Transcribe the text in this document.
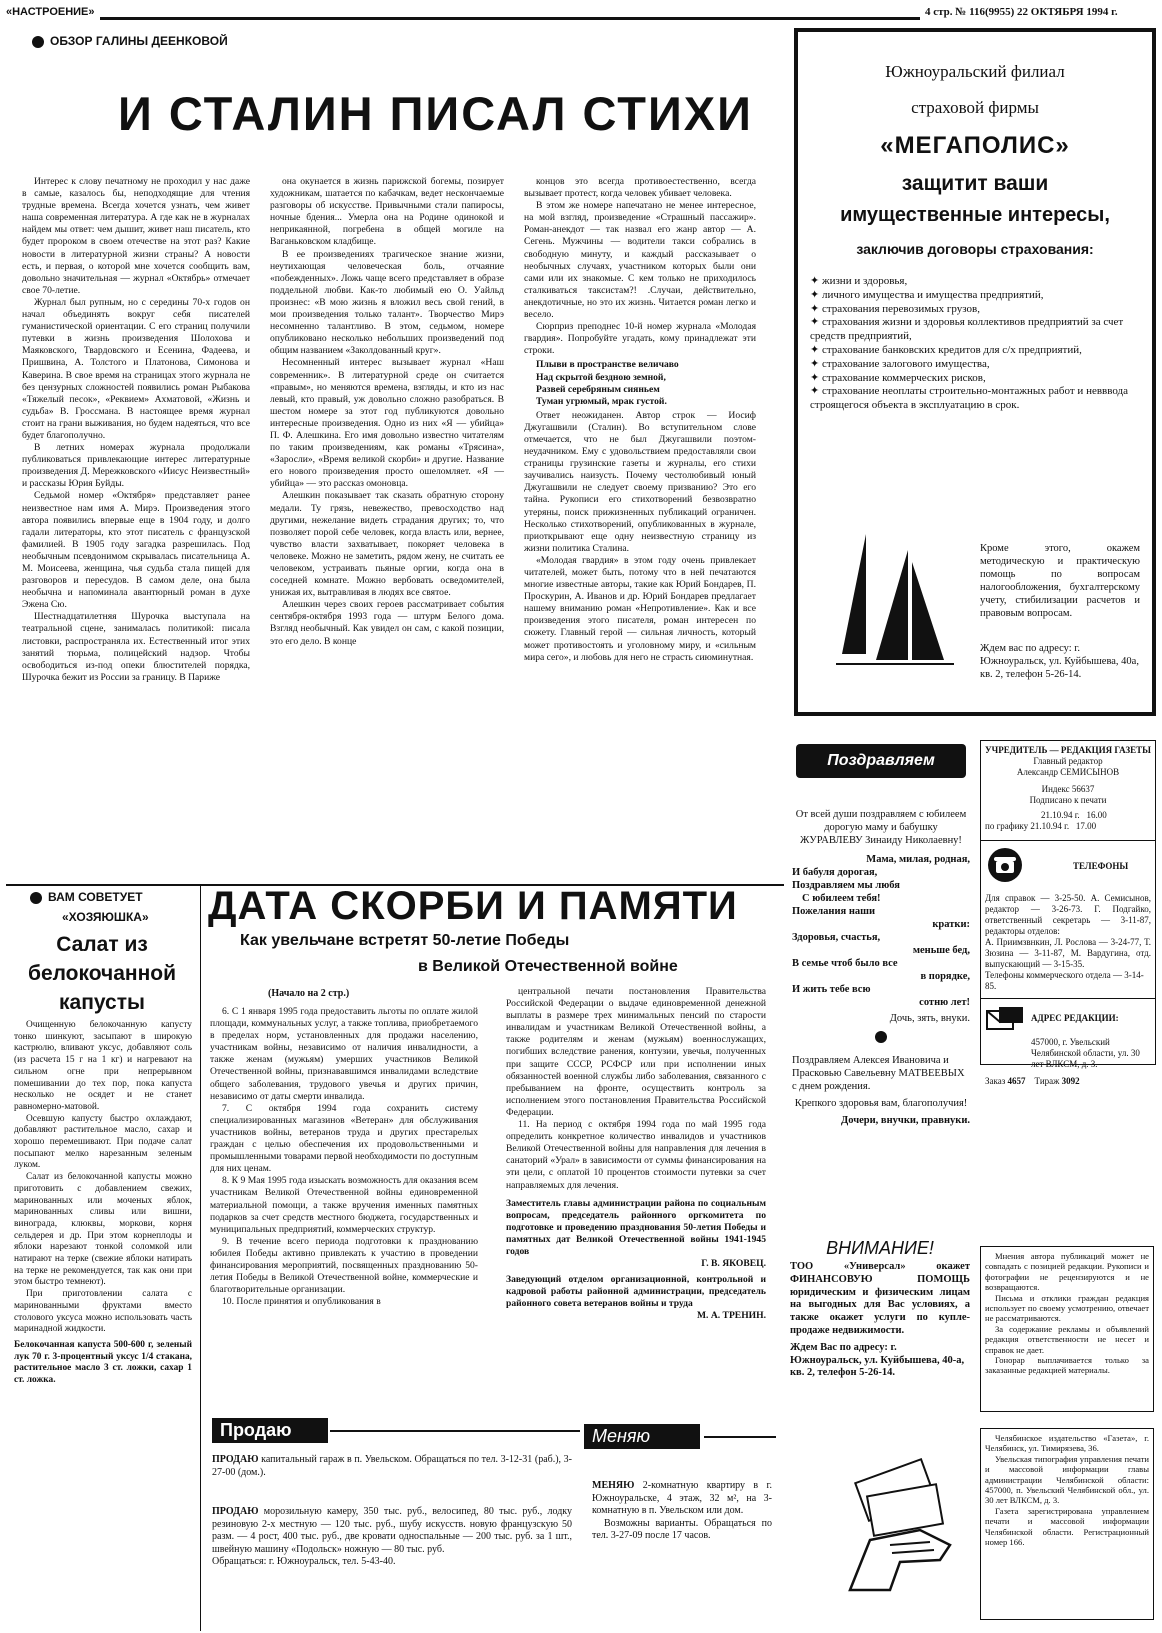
«НАСТРОЕНИЕ»	4 стр. № 116(9955) 22 ОКТЯБРЯ 1994 г.
ОБЗОР ГАЛИНЫ ДЕЕНКОВОЙ
И СТАЛИН ПИСАЛ СТИХИ

Интерес к слову печатному не проходил у нас даже в самые, казалось бы, неподходящие для чтения трудные времена. Всегда хочется узнать, чем живет наша современная литература. А где как не в журналах найдем мы ответ: чем дышит, живет наш писатель, кто будет пророком в своем отечестве на этот раз? Какие новости в литературной жизни страны? А новости есть, и первая, о которой мне хочется сообщить вам, довольно значительная — журнал «Октябрь» отмечает свое 70-летие.

Журнал был рупным, но с середины 70-х годов он начал объединять вокруг себя писателей гуманистической ориентации. С его страниц получили путевки в жизнь произведения Шолохова и Маяковского, Твардовского и Есенина, Фадеева, и Пришвина, А. Толстого и Платонова, Симонова и Каверина. В свое время на страницах этого журнала не без цензурных сложностей появились роман Рыбакова «Тяжелый песок», «Реквием» Ахматовой, «Жизнь и судьба» В. Гроссмана. В настоящее время журнал стоит на грани выживания, но будем надеяться, что все будет благополучно.

В летних номерах журнала продолжали публиковаться привлекающие интерес литературные произведения Д. Мережковского «Иисус Неизвестный» и рассказы Юрия Буйды.

Седьмой номер «Октября» представляет ранее неизвестное нам имя А. Мирэ. Произведения этого автора появились впервые еще в 1904 году, и долго гадали литераторы, кто этот писатель с французской фамилией. В 1905 году загадка разрешилась. Под необычным псевдонимом скрывалась писательница А. М. Моисеева, женщина, чья судьба стала пищей для разговоров и пересудов. В самом деле, она была необычна и напоминала авантюрный роман в духе Эжена Сю.

Шестнадцатилетняя Шурочка выступала на театральной сцене, занималась политикой: писала листовки, распространяла их. Естественный итог этих занятий тюрьма, полицейский надзор. Чтобы освободиться из-под опеки блюстителей порядка, Шурочка бежит из России за границу. В Париже

она окунается в жизнь парижской богемы, позирует художникам, шатается по кабачкам, ведет нескончаемые разговоры об искусстве. Привычными стали папиросы, ночные бдения... Умерла она на Родине одинокой и неприкаянной, погребена в общей могиле на Ваганьковском кладбище.

В ее произведениях трагическое знание жизни, неутихающая человеческая боль, отчаяние «побежденных». Ложь чаще всего представляет в образе поддельной любви. Как-то любимый ею О. Уайльд произнес: «В мою жизнь я вложил весь свой гений, в мои произведения только талант». Творчество Мирэ несомненно талантливо. В этом, седьмом, номере опубликовано несколько небольших произведений под общим названием «Заколдованный круг».

Несомненный интерес вызывает журнал «Наш современник». В литературной среде он считается «правым», но меняются времена, взгляды, и кто из нас левый, кто правый, уж довольно сложно разобраться. В шестом номере за этот год публикуются довольно интересные произведения. Одно из них «Я — убийца» П. Ф. Алешкина. Его имя довольно известно читателям по таким произведениям, как романы «Трясина», «Заросли», «Время великой скорби» и другие. Название его нового произведения просто ошеломляет. «Я — убийца» — это рассказ омоновца.

Алешкин показывает так сказать обратную сторону медали. Ту грязь, невежество, превосходство над другими, нежелание видеть страдания других; то, что позволяет порой себе человек, когда власть или, вернее, чувство власти захватывает, покоряет человека в человеке. Можно не заметить, рядом жену, не считать ее человеком, устраивать пьяные оргии, когда она в соседней комнате. Можно вербовать осведомителей, унижая их, вытравливая в людях все святое.

Алешкин через своих героев рассматривает события сентября-октября 1993 года — штурм Белого дома. Взгляд необычный. Как увидел он сам, с какой позиции, это его дело. В конце

концов это всегда противоестественно, всегда вызывает протест, когда человек убивает человека.

В этом же номере напечатано не менее интересное, на мой взгляд, произведение «Страшный пассажир». Роман-анекдот — так назвал его жанр автор — А. Сегень. Мужчины — водители такси собрались в свободную минуту, и каждый рассказывает о необычных случаях, участником которых были они сами или их знакомые. С кем только не приходилось сталкиваться таксистам?! .Случаи, действительно, анекдотичные, но это их жизнь. Читается роман легко и весело.

Сюрприз преподнес 10-й номер журнала «Молодая гвардия». Попробуйте угадать, кому принадлежат эти строки.

Плыви в пространстве величаво
Над скрытой бездною земной,
Развей серебряным сияньем
Туман угрюмый, мрак густой.

Ответ неожиданен. Автор строк — Иосиф Джугашвили (Сталин). Во вступительном слове отмечается, что не был Джугашвили поэтом-неудачником. Ему с удовольствием предоставляли свои страницы грузинские газеты и журналы, его стихи заучивались наизусть. Почему честолюбивый юный Джугашвили не следует своему призванию? Это его тайна. Рукописи его стихотворений безвозвратно утеряны, поиск прижизненных публикаций ограничен. Несколько стихотворений, опубликованных в журнале, приоткрывают еще одну неизвестную страницу из жизни политика Сталина.

«Молодая гвардия» в этом году очень привлекает читателей, может быть, потому что в ней печатаются многие известные авторы, такие как Юрий Бондарев, П. Проскурин, А. Иванов и др. Юрий Бондарев предлагает нашему вниманию роман «Непротивление». Как и все произведения этого писателя, роман интересен по сюжету. Главный герой — сильная личность, который может противостоять и уголовному миру, и «сильным мира сего», и любовь для него не страсть сиюминутная.

Южноуральский филиал
страховой фирмы
«МЕГАПОЛИС»
защитит ваши
имущественные интересы,
заключив договоры страхования:
✦ жизни и здоровья,
✦ личного имущества и имущества предприятий,
✦ страхования перевозимых грузов,
✦ страхования жизни и здоровья коллективов предприятий за счет средств предприятий,
✦ страхование банковских кредитов для с/х предприятий,
✦ страхование залогового имущества,
✦ страхование коммерческих рисков,
✦ страхование неоплаты строительно-монтажных работ и невввода строящегося объекта в эксплуатацию в срок.
Кроме этого, окажем методическую и практическую помощь по вопросам налогообложения, бухгалтерскому учету, стибилизации расчетов и правовым вопросам.
Ждем вас по адресу: г. Южноуральск, ул. Куйбышева, 40а, кв. 2, телефон 5-26-14.
Поздравляем
От всей души поздравляем с юбилеем дорогую маму и бабушку ЖУРАВЛЕВУ Зинаиду Николаевну!
Мама, милая, родная,
И бабуля дорогая,
Поздравляем мы любя
С юбилеем тебя!
Пожелания наши
кратки:
Здоровья, счастья,
меньше бед,
В семье чтоб было все
в порядке,
И жить тебе всю
сотню лет!
Дочь, зять, внуки.
Поздравляем Алексея Ивановича и Прасковью Савельевну МАТВЕЕВЫХ с днем рождения.
Крепкого здоровья вам, благополучия!
Дочери, внучки, правнуки.
УЧРЕДИТЕЛЬ — РЕДАКЦИЯ ГАЗЕТЫ
Главный редактор
Александр СЕМИСЫНОВ
Индекс 56637
Подписано к печати
21.10.94 г. 16.00
по графику 21.10.94 г. 17.00
ТЕЛЕФОНЫ
Для справок — 3-25-50. А. Семисынов, редактор — 3-26-73. Г. Подгайко, ответственный секретарь — 3-11-87, редакторы отделов:
А. Приимзвнкин, Л. Рослова — 3-24-77, Т. Зюзина — 3-11-87, М. Вардугина, отд. выпускающий — 3-15-35.
Телефоны коммерческого отдела — 3-14-85.
АДРЕС РЕДАКЦИИ:
457000, г. Увельский Челябинской области, ул. 30 лет ВЛКСМ, д. 3.
Заказ 4657 Тираж 3092
ДАТА СКОРБИ И ПАМЯТИ
Как увельчане встретят 50-летие Победы
в Великой Отечественной войне
(Начало на 2 стр.)

6. С 1 января 1995 года предоставить льготы по оплате жилой площади, коммунальных услуг, а также топлива, приобретаемого в пределах норм, установленных для продажи населению, участникам войны, независимо от наличия инвалидности, а также женам (мужьям) умерших участников Великой Отечественной войны, признававшимся инвалидами вследствие общего заболевания, трудового увечья и других причин, независимо от даты смерти инвалида.

7. С октября 1994 года сохранить систему специализированных магазинов «Ветеран» для обслуживания участников войны, ветеранов труда и других престарелых граждан с целью обеспечения их продовольственными и промышленными товарами первой необходимости по доступным для них ценам.

8. К 9 Мая 1995 года изыскать возможность для оказания всем участникам Великой Отечественной войны единовременной материальной помощи, а также вручения именных памятных подарков за счет средств местного бюджета, государственных и муниципальных предприятий, коммерческих структур.

9. В течение всего периода подготовки к празднованию юбилея Победы активно привлекать к участию в проведении финансирования мероприятий, посвященных празднованию 50-летия Победы в Великой Отечественной войне, коммерческие и благотворительные организации.

10. После принятия и опубликования в

центральной печати постановления Правительства Российской Федерации о выдаче единовременной денежной выплаты в размере трех минимальных пенсий по старости инвалидам и участникам Великой Отечественной войны, а также родителям и женам (мужьям) военнослужащих, погибших вследствие ранения, контузии, увечья, полученных при защите СССР, РСФСР или при исполнении иных обязанностей военной службы либо заболевания, связанного с пребыванием на фронте, осуществить контроль за исполнением этого постановления Правительства Российской Федерации.

11. На период с октября 1994 года по май 1995 года определить конкретное количество инвалидов и участников Великой Отечественной войны для направления для лечения в санаторий «Урал» в зависимости от суммы финансирования на эти цели, с оплатой 10 процентов стоимости путевки за счет направляемых для лечения.

Заместитель главы администрации района по социальным вопросам, председатель районного оргкомитета по подготовке и проведению празднования 50-летия Победы и памятных дат Великой Отечественной войны 1941-1945 годов
Г. В. ЯКОВЕЦ.
Заведующий отделом организационной, контрольной и кадровой работы районной администрации, председатель районного совета ветеранов войны и труда
М. А. ТРЕНИН.
ВАМ СОВЕТУЕТ
«ХОЗЯЮШКА»
Салат из белокочанной капусты

Очищенную белокочанную капусту тонко шинкуют, засыпают в широкую кастрюлю, вливают уксус, добавляют соль (из расчета 15 г на 1 кг) и нагревают на сильном огне при непрерывном помешивании до тех пор, пока капуста несколько не осядет и не станет равномерно-матовой.

Осевшую капусту быстро охлаждают, добавляют растительное масло, сахар и хорошо перемешивают. При подаче салат посыпают мелко нарезанным зеленым луком.

Салат из белокочанной капусты можно приготовить с добавлением свежих, маринованных или моченых яблок, маринованных сливы или вишни, винограда, клюквы, моркови, корня сельдерея и др. При этом корнеплоды и яблоки нарезают тонкой соломкой или натирают на терке (свежие яблоки натирать на терке не рекомендуется, так как они при этом быстро темнеют).

При приготовлении салата с маринованными фруктами вместо столового уксуса можно использовать часть маринадной жидкости.

Белокочанная капуста 500-600 г, зеленый лук 70 г. 3-процентный уксус 1/4 стакана, растительное масло 3 ст. ложки, сахар 1 ст. ложка.
ВНИМАНИЕ!
ТОО «Универсал» окажет ФИНАНСОВУЮ ПОМОЩЬ юридическим и физическим лицам на выгодных для Вас условиях, а также окажет услуги по купле-продаже недвижимости.
Ждем Вас по адресу: г. Южноуральск, ул. Куйбышева, 40-а, кв. 2, телефон 5-26-14.

Мнения автора публикаций может не совпадать с позицией редакции. Рукописи и фотографии не рецензируются и не возвращаются.

Письма и отклики граждан редакция использует по своему усмотрению, отвечает не рассматриваются.

За содержание рекламы и объявлений редакция ответственности не несет и справок не дает.

Гонорар выплачивается только за заказанные редакцией материалы.

Челябинское издательство «Газета», г. Челябинск, ул. Тимирязева, 36.

Увельская типография управления печати и массовой информации главы администрации Челябинской области: 457000, п. Увельский Челябинской обл., ул. 30 лет ВЛКСМ, д. 3.

Газета зарегистрирована управлением печати и массовой информации Челябинской области. Регистрационный номер 166.

Продаю	Меняю
ПРОДАЮ капитальный гараж в п. Увельском. Обращаться по тел. 3-12-31 (раб.), 3-27-00 (дом.).
ПРОДАЮ морозильную камеру, 350 тыс. руб., велосипед, 80 тыс. руб., лодку резиновую 2-х местную — 120 тыс. руб., шубу искусств. новую французскую 50 разм. — 4 рост, 400 тыс. руб., две кровати односпальные — 200 тыс. руб. за 1 шт., швейную машину «Подольск» ножную — 80 тыс. руб.
Обращаться: г. Южноуральск, тел. 5-43-40.
МЕНЯЮ 2-комнатную квартиру в г. Южноуральске, 4 этаж, 32 м², на 3-комнатную в п. Увельском или дом.
Возможны варианты. Обращаться по тел. 3-27-09 после 17 часов.
